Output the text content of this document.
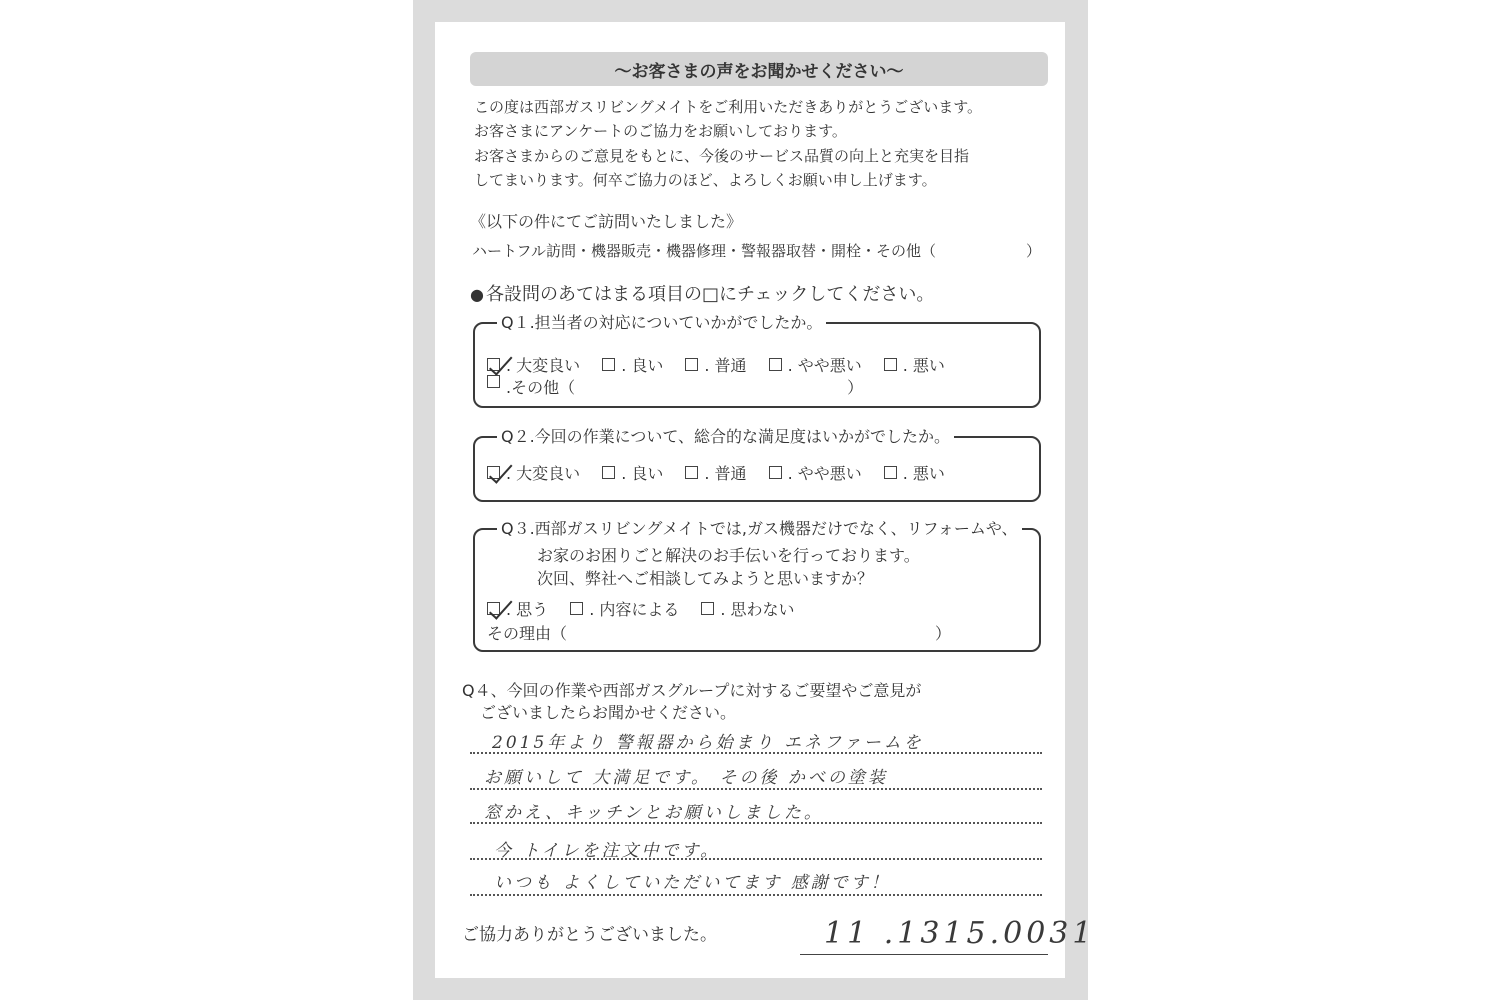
～お客さまの声をお聞かせください～
この度は西部ガスリビングメイトをご利用いただきありがとうございます。
お客さまにアンケートのご協力をお願いしております。
お客さまからのご意見をもとに、今後のサービス品質の向上と充実を目指
してまいります。何卒ご協力のほど、よろしくお願い申し上げます。
《以下の件にてご訪問いたしました》
ハートフル訪問・機器販売・機器修理・警報器取替・開栓・その他（　　　　　　）
● 各設問のあてはまる項目の□にチェックしてください。
Q１.担当者の対応についていかがでしたか。
. 大変良い	. 良い	. 普通	. やや悪い	. 悪い
.その他（　　　　　　　　　　　　　　　　　）
Q２.今回の作業について、総合的な満足度はいかがでしたか。
. 大変良い	. 良い	. 普通	. やや悪い	. 悪い
Q３.西部ガスリビングメイトでは,ガス機器だけでなく、リフォームや、
お家のお困りごと解決のお手伝いを行っております。
次回、弊社へご相談してみようと思いますか？
. 思う	. 内容による	. 思わない
その理由（　　　　　　　　　　　　　　　　　　　　　　　）
Q４、今回の作業や西部ガスグループに対するご要望やご意見が
ございましたらお聞かせください。
2015年より 警報器から始まり エネファームを
お願いして 大満足です。 その後 かべの塗装
窓かえ、キッチンとお願いしました。
今 トイレを注文中です。
いつも よくしていただいてます 感謝です！
ご協力ありがとうございました。	11 .1315.0031
